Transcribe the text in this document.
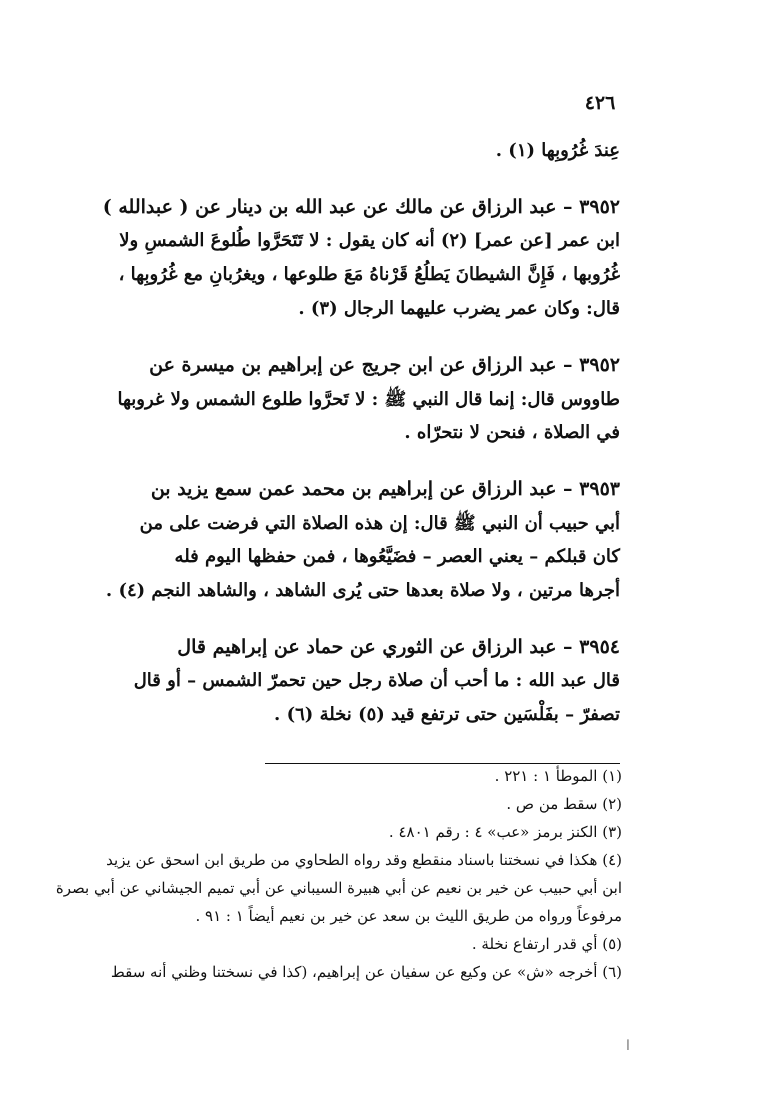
٤٢٦
عِندَ غُرُوبِها (١) .
٣٩٥٢ – عبد الرزاق عن مالك عن عبد الله بن دينار عن ( عبدالله )
ابن عمر [عن عمر] (٢) أنه كان يقول : لا تَتَحَرَّوا طُلوعَ الشمسِ ولا
غُرُوبها ، فَإِنَّ الشيطانَ يَطلُعُ قَرْناهُ مَعَ طلوعها ، ويغرُبانِ مع غُرُوبِها ،
قال: وكان عمر يضرب عليهما الرجال (٣) .
٣٩٥٢ – عبد الرزاق عن ابن جريج عن إبراهيم بن ميسرة عن
طاووس قال: إنما قال النبي ﷺ : لا تَحرَّوا طلوع الشمس ولا غروبها
في الصلاة ، فنحن لا نتحرّاه .
٣٩٥٣ – عبد الرزاق عن إبراهيم بن محمد عمن سمع يزيد بن
أبي حبيب أن النبي ﷺ قال: إن هذه الصلاة التي فرضت على من
كان قبلكم – يعني العصر – فضَيَّعُوها ، فمن حفظها اليوم فله
أجرها مرتين ، ولا صلاة بعدها حتى يُرى الشاهد ، والشاهد النجم (٤) .
٣٩٥٤ – عبد الرزاق عن الثوري عن حماد عن إبراهيم قال
قال عبد الله : ما أحب أن صلاة رجل حين تحمرّ الشمس – أو قال
تصفرّ – بفَلْسَين حتى ترتفع قيد (٥) نخلة (٦) .
(١) الموطأ ١ : ٢٢١ .
(٢) سقط من ص .
(٣) الكنز برمز «عب» ٤ : رقم ٤٨٠١ .
(٤) هكذا في نسختنا باسناد منقطع وقد رواه الطحاوي من طريق ابن اسحق عن يزيد
ابن أبي حبيب عن خير بن نعيم عن أبي هبيرة السيباني عن أبي تميم الجيشاني عن أبي بصرة
مرفوعاً ورواه من طريق الليث بن سعد عن خير بن نعيم أيضاً ١ : ٩١ .
(٥) أي قدر ارتفاع نخلة .
(٦) أخرجه «ش» عن وكيع عن سفيان عن إبراهيم، (كذا في نسختنا وظني أنه سقط
ا
